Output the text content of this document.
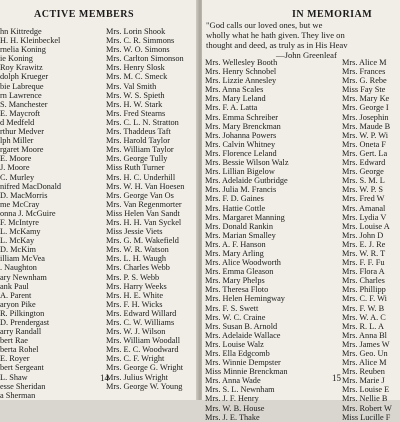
ACTIVE MEMBERS
hn Kittredge
H. H. Kleinbeckel
rnelia Koning
ie Koning
Roy Krawitz
dolph Krueger
bie Labreque
rn Lawrence
S. Manchester
E. Maycroft
d Medfeld
rthur Medver
lph Miller
rgaret Moore
E. Moore
J. Moore
C. Murley
nifred MacDonald
D. MacMorris
me McCray
onna J. McGuire
F. McIntyre
L. McKamy
L. McKay
D. McKim
illiam McVea
. Naughton
ary Newnham
ank Paul
A. Parent
aryon Pike
R. Pilkington
D. Prendergast
arry Randall
bert Rae
berta Rohel
E. Royer
bert Sergeant
L. Shaw
esse Sheridan
a Sherman
Mrs. Lorin Shook
Mrs. C. R. Simmons
Mrs. W. O. Simons
Mrs. Carlton Simonson
Mrs. Henry Slosk
Mrs. M. C. Smeck
Mrs. Val Smith
Mrs. W. S. Spieth
Mrs. H. W. Stark
Mrs. Fred Stearns
Mrs. C. L. N. Stratton
Mrs. Thaddeus Taft
Mrs. Harold Taylor
Mrs. William Taylor
Mrs. George Tully
Miss Ruth Turner
Mrs. H. C. Underhill
Mrs. W. H. Van Hoesen
Mrs. George Van Os
Mrs. Van Regenmorter
Miss Helen Van Sandt
Mrs. H. H. Van Syckel
Miss Jessie Viets
Mrs. G. M. Wakefield
Mrs. W. R. Watson
Mrs. L. H. Waugh
Mrs. Charles Webb
Mrs. P. S. Webb
Mrs. Harry Weeks
Mrs. H. E. White
Mrs. F. H. Wicks
Mrs. Edward Willard
Mrs. C. W. Williams
Mrs. W. J. Wilson
Mrs. William Woodall
Mrs. E. C. Woodward
Mrs. C. F. Wright
Mrs. George G. Wright
Mrs. Julius Wright
Mrs. George W. Young
14
IN MEMORIAM
"God calls our loved ones, but we
wholly what he hath given. They live on
thought and deed, as truly as in His Heav
—John Greenleaf
Mrs. Wellesley Booth
Mrs. Henry Schnobel
Mrs. Lizzie Annesley
Mrs. Anna Scales
Mrs. Mary Leland
Mrs. F. A. Latta
Mrs. Emma Schreiber
Mrs. Mary Brenckman
Mrs. Johanna Powers
Mrs. Calvin Whitney
Mrs. Florence Leland
Mrs. Bessie Wilson Walz
Mrs. Lillian Bigelow
Mrs. Adelaide Gutbridge
Mrs. Julia M. Francis
Mrs. F. D. Gaines
Mrs. Hattie Cottle
Mrs. Margaret Manning
Mrs. Donald Rankin
Mrs. Marian Smalley
Mrs. A. F. Hanson
Mrs. Mary Arling
Mrs. Alice Woodworth
Mrs. Emma Gleason
Mrs. Mary Phelps
Mrs. Theresa Floto
Mrs. Helen Hemingway
Mrs. F. S. Swett
Mrs. W. C. Craine
Mrs. Susan B. Arnold
Mrs. Adelaide Wallace
Mrs. Louise Walz
Mrs. Ella Edgcomb
Mrs. Winnie Dempster
Miss Minnie Brenckman
Mrs. Anna Wade
Mrs. S. L. Newnham
Mrs. J. F. Henry
Mrs. W. B. House
Mrs. J. E. Thake
Mrs. Alice M
Mrs. Frances
Mrs. G. Rebe
Miss Fay Ste
Mrs. Mary Ke
Mrs. George I
Mrs. Josephin
Mrs. Maude B
Mrs. W. P. Wi
Mrs. Oneta F
Mrs. Gert. La
Mrs. Edward
Mrs. George
Mrs. S. M. L
Mrs. W. P. S
Mrs. Fred W
Mrs. Amanal
Mrs. Lydia V
Mrs. Louise A
Mrs. John D
Mrs. E. J. Re
Mrs. W. R. T
Mrs. F. F. Fu
Mrs. Flora A
Mrs. Charles
Mrs. Phillipp
Mrs. C. F. Wi
Mrs. F. W. B
Mrs. W. A. C
Mrs. R. L. A
Mrs. Anna Bl
Mrs. James W
Mrs. Geo. Un
Mrs. Alice M
Mrs. Reuben
Mrs. Marie J
Mrs. Louise E
Mrs. Nellie B
Mrs. Robert W
Miss Lucille F
15
